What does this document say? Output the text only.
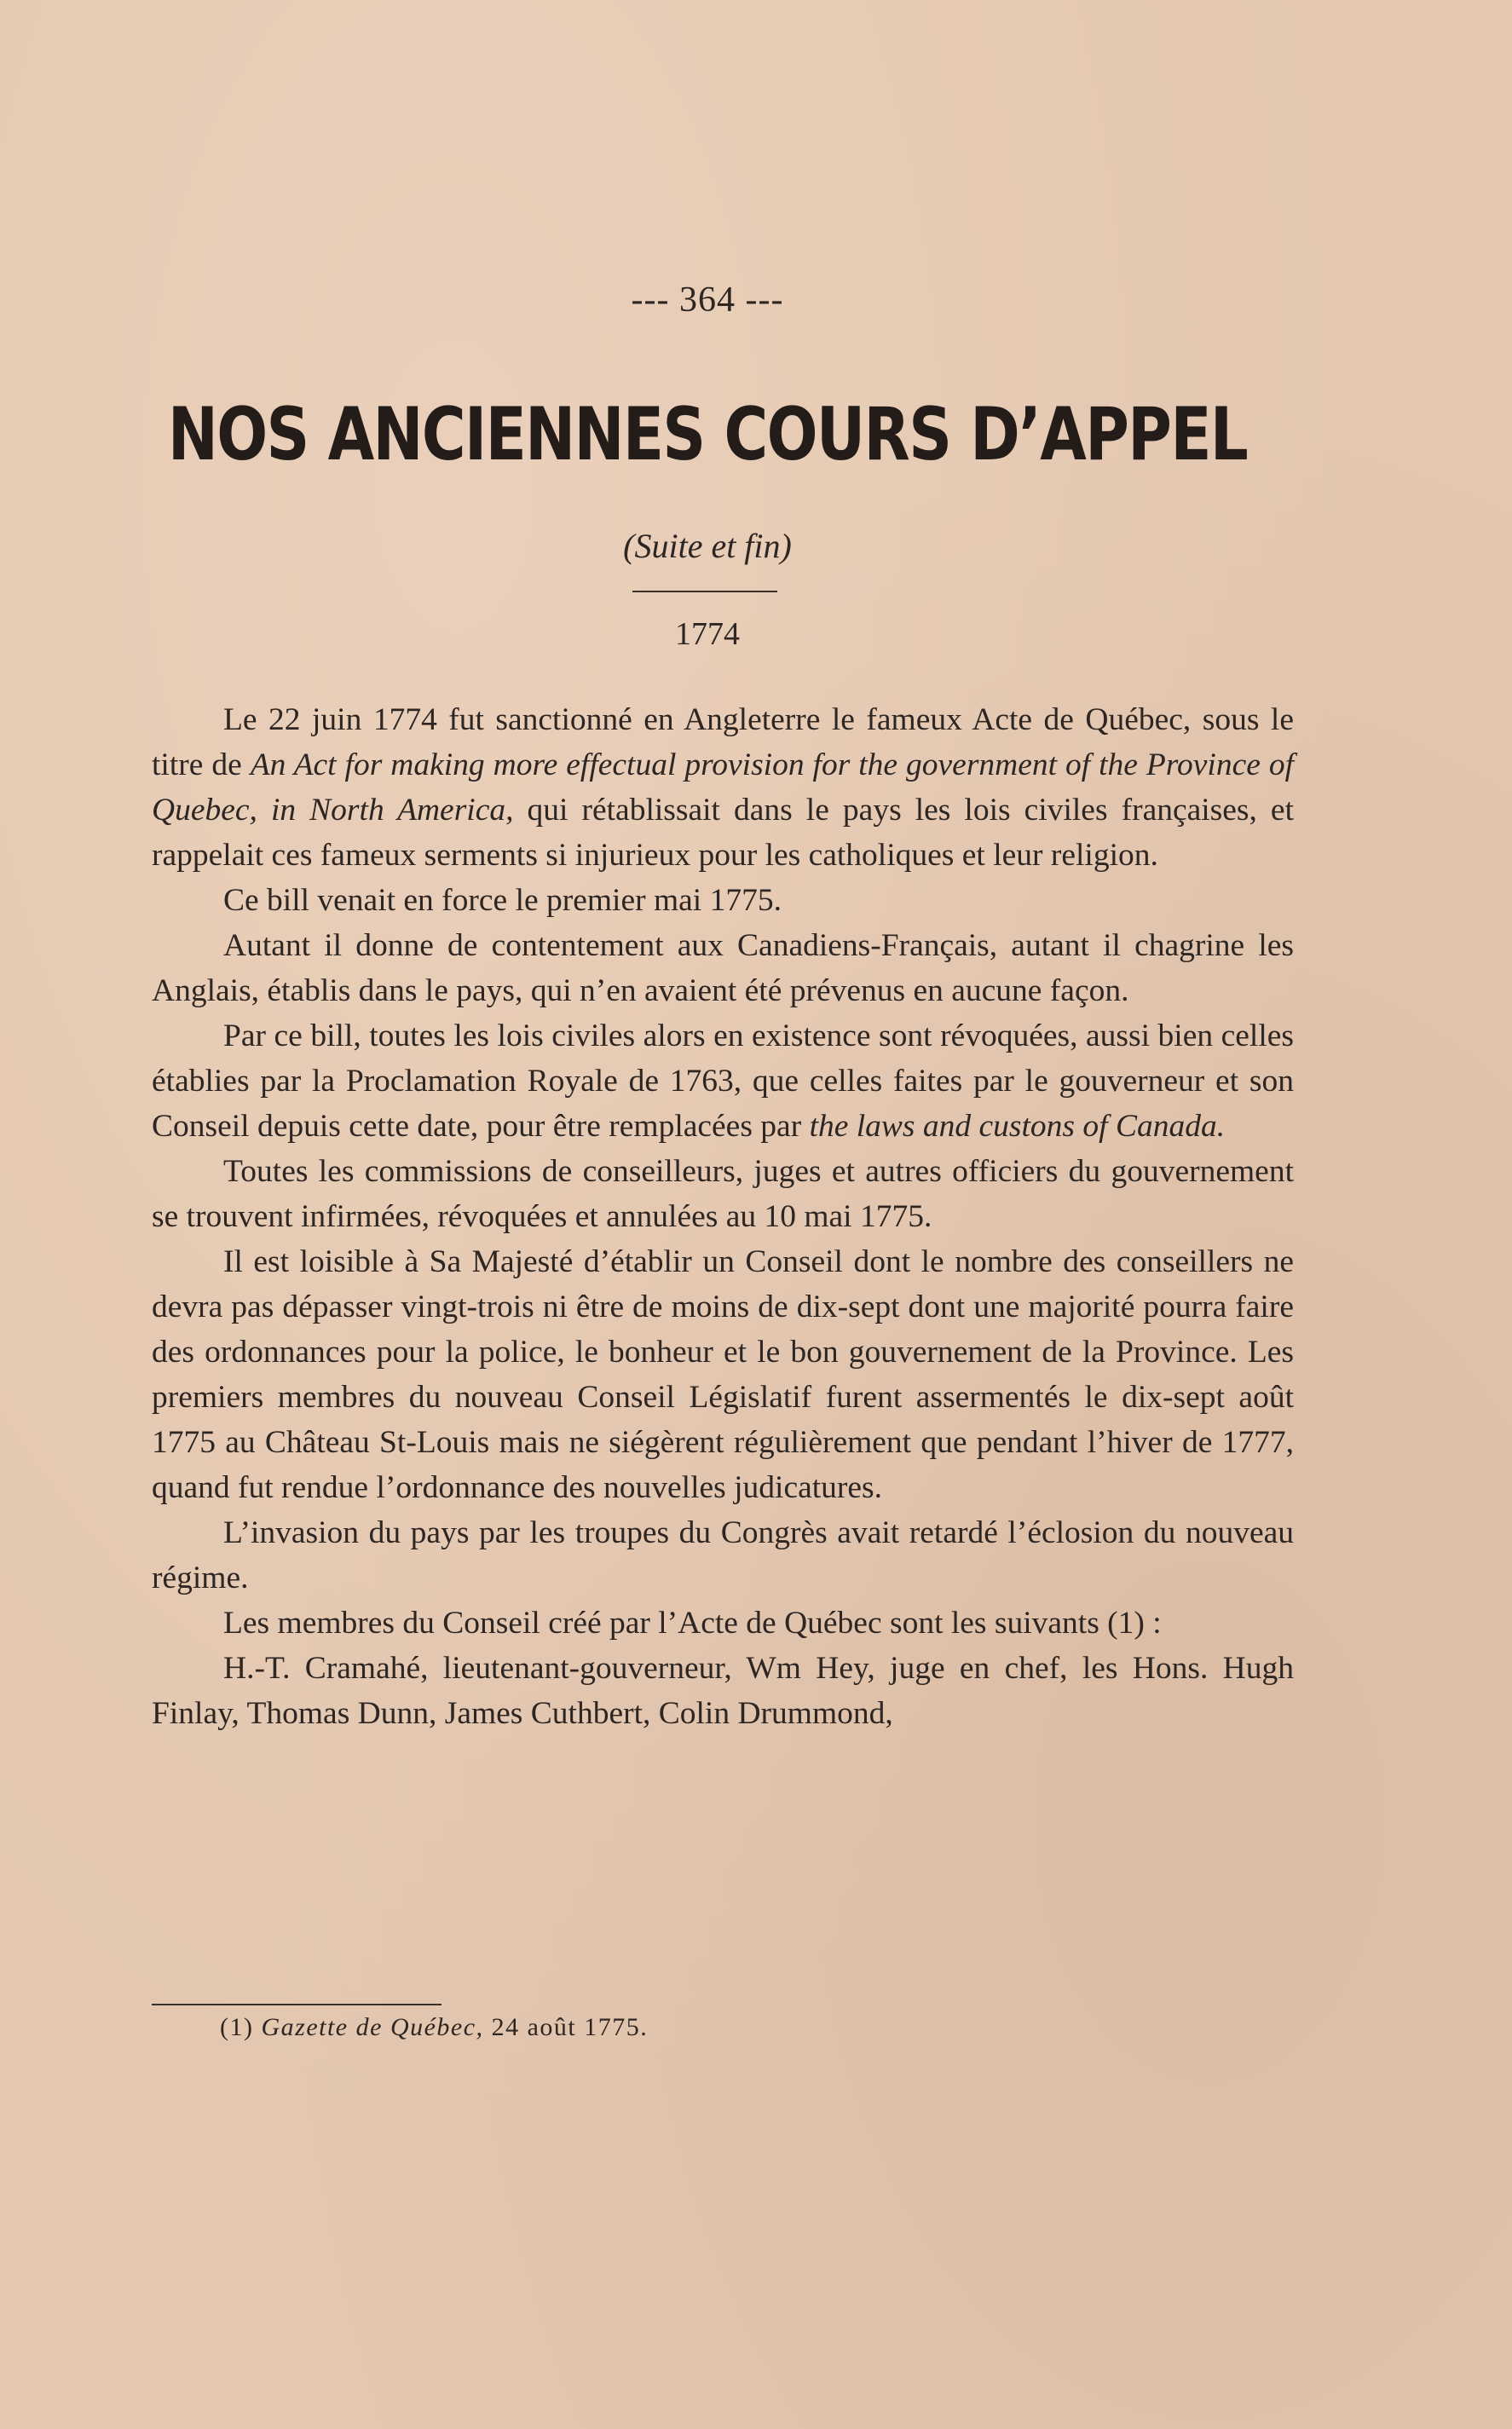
--- 364 ---
NOS ANCIENNES COURS D’APPEL
(Suite et fin)
1774

Le 22 juin 1774 fut sanctionné en Angleterre le fameux Acte de Québec, sous le titre de An Act for making more effectual provision for the government of the Province of Quebec, in North America, qui rétablissait dans le pays les lois civiles françaises, et rappelait ces fameux serments si injurieux pour les catholiques et leur religion.

Ce bill venait en force le premier mai 1775.

Autant il donne de contentement aux Canadiens-Français, autant il chagrine les Anglais, établis dans le pays, qui n’en avaient été prévenus en aucune façon.

Par ce bill, toutes les lois civiles alors en existence sont révoquées, aussi bien celles établies par la Proclamation Royale de 1763, que celles faites par le gouverneur et son Conseil depuis cette date, pour être remplacées par the laws and custons of Canada.

Toutes les commissions de conseilleurs, juges et autres officiers du gouvernement se trouvent infirmées, révoquées et annulées au 10 mai 1775.

Il est loisible à Sa Majesté d’établir un Conseil dont le nombre des conseillers ne devra pas dépasser vingt-trois ni être de moins de dix-sept dont une majorité pourra faire des ordonnances pour la police, le bonheur et le bon gouvernement de la Province. Les premiers membres du nouveau Conseil Législatif furent assermentés le dix-sept août 1775 au Château St-Louis mais ne siégèrent régulièrement que pendant l’hiver de 1777, quand fut rendue l’ordonnance des nouvelles judicatures.

L’invasion du pays par les troupes du Congrès avait retardé l’éclosion du nouveau régime.

Les membres du Conseil créé par l’Acte de Québec sont les suivants (1) :

H.-T. Cramahé, lieutenant-gouverneur, Wm Hey, juge en chef, les Hons. Hugh Finlay, Thomas Dunn, James Cuthbert, Colin Drummond,

(1) Gazette de Québec, 24 août 1775.
